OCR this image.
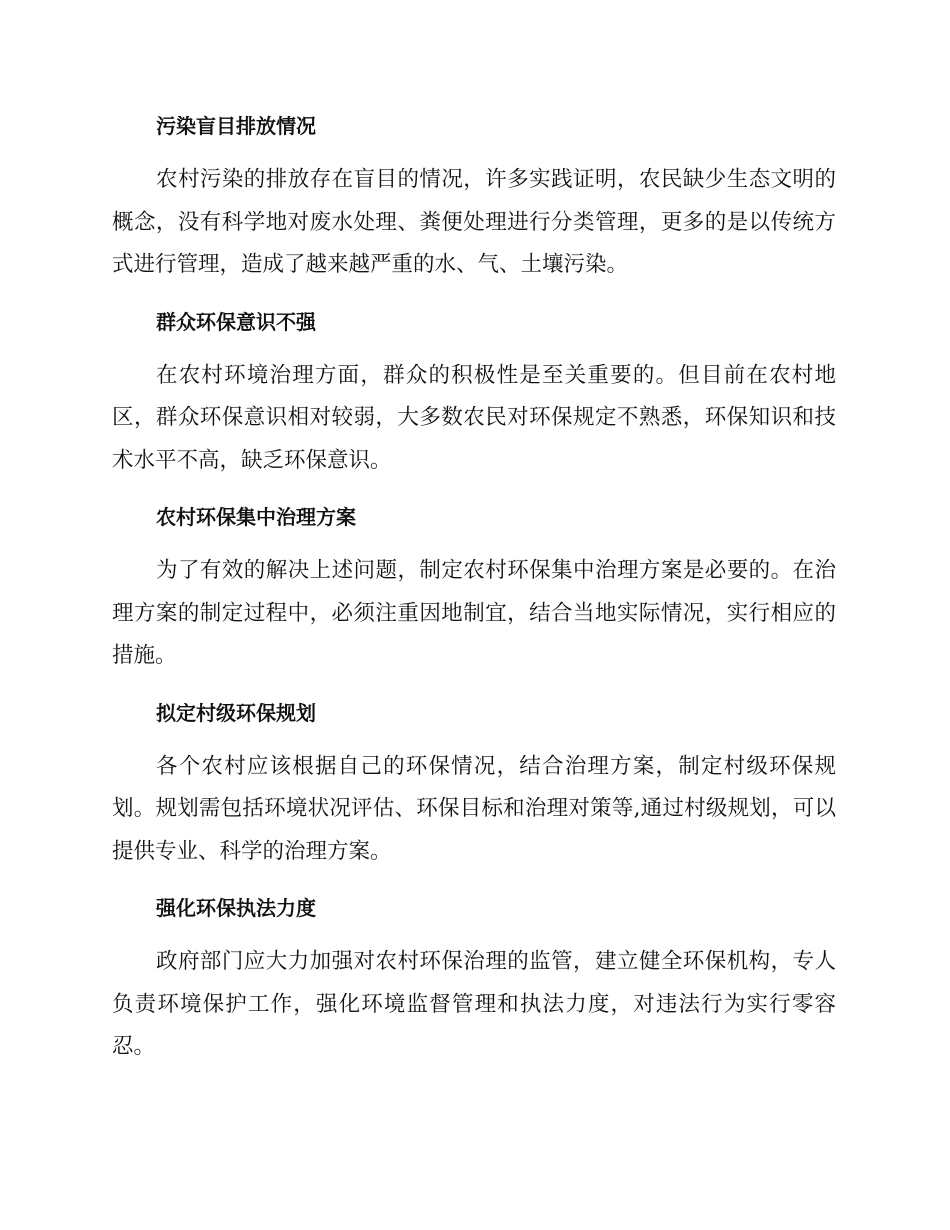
污染盲目排放情况

农村污染的排放存在盲目的情况，许多实践证明，农民缺少生态文明的概念，没有科学地对废水处理、粪便处理进行分类管理，更多的是以传统方式进行管理，造成了越来越严重的水、气、土壤污染。

群众环保意识不强

在农村环境治理方面，群众的积极性是至关重要的。但目前在农村地区，群众环保意识相对较弱，大多数农民对环保规定不熟悉，环保知识和技术水平不高，缺乏环保意识。

农村环保集中治理方案

为了有效的解决上述问题，制定农村环保集中治理方案是必要的。在治理方案的制定过程中，必须注重因地制宜，结合当地实际情况，实行相应的措施。

拟定村级环保规划

各个农村应该根据自己的环保情况，结合治理方案，制定村级环保规划。规划需包括环境状况评估、环保目标和治理对策等,通过村级规划，可以提供专业、科学的治理方案。

强化环保执法力度

政府部门应大力加强对农村环保治理的监管，建立健全环保机构，专人负责环境保护工作，强化环境监督管理和执法力度，对违法行为实行零容忍。
